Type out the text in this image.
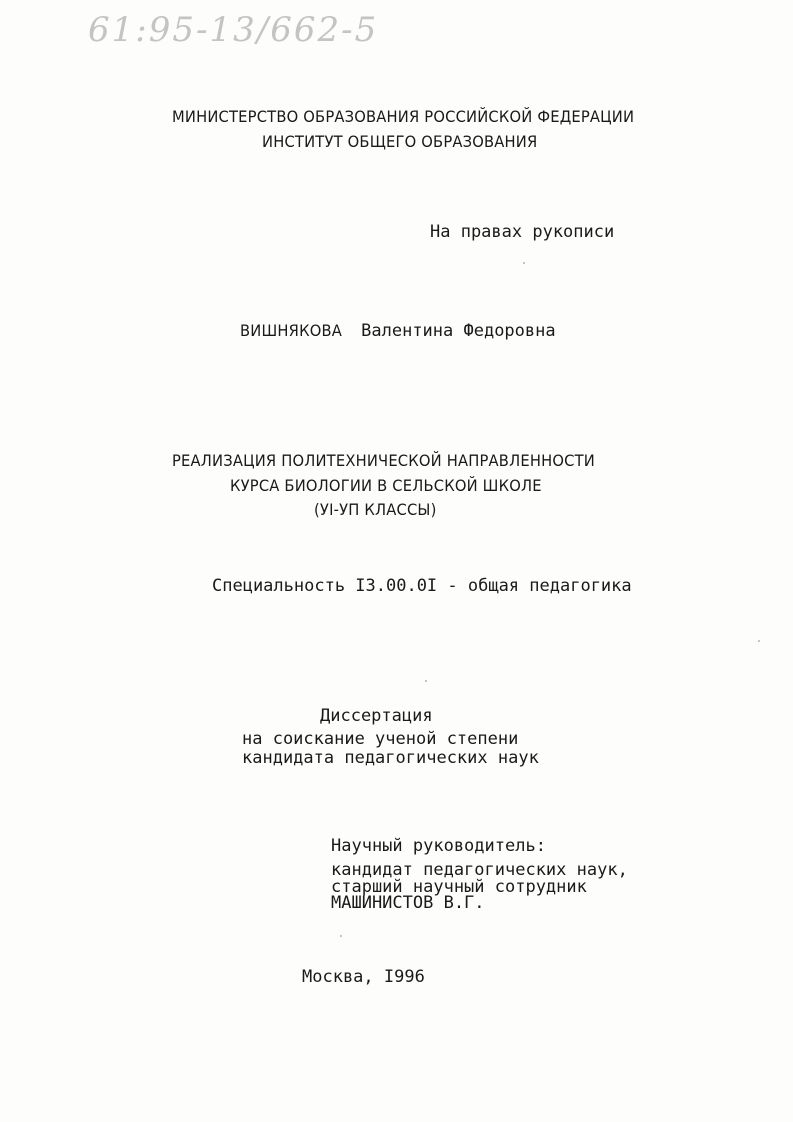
61:95-13/662-5
МИНИСТЕРСТВО ОБРАЗОВАНИЯ РОССИЙСКОЙ ФЕДЕРАЦИИ
ИНСТИТУТ ОБЩЕГО ОБРАЗОВАНИЯ
На правах рукописи
ВИШНЯКОВА Валентина Федоровна
РЕАЛИЗАЦИЯ ПОЛИТЕХНИЧЕСКОЙ НАПРАВЛЕННОСТИ
КУРСА БИОЛОГИИ В СЕЛЬСКОЙ ШКОЛЕ
(УI-УП КЛАССЫ)
Специальность I3.00.0I - общая педагогика
Диссертация
на соискание ученой степени
кандидата педагогических наук
Научный руководитель:
кандидат педагогических наук,
старший научный сотрудник
МАШИНИСТОВ В.Г.
Москва, I996
